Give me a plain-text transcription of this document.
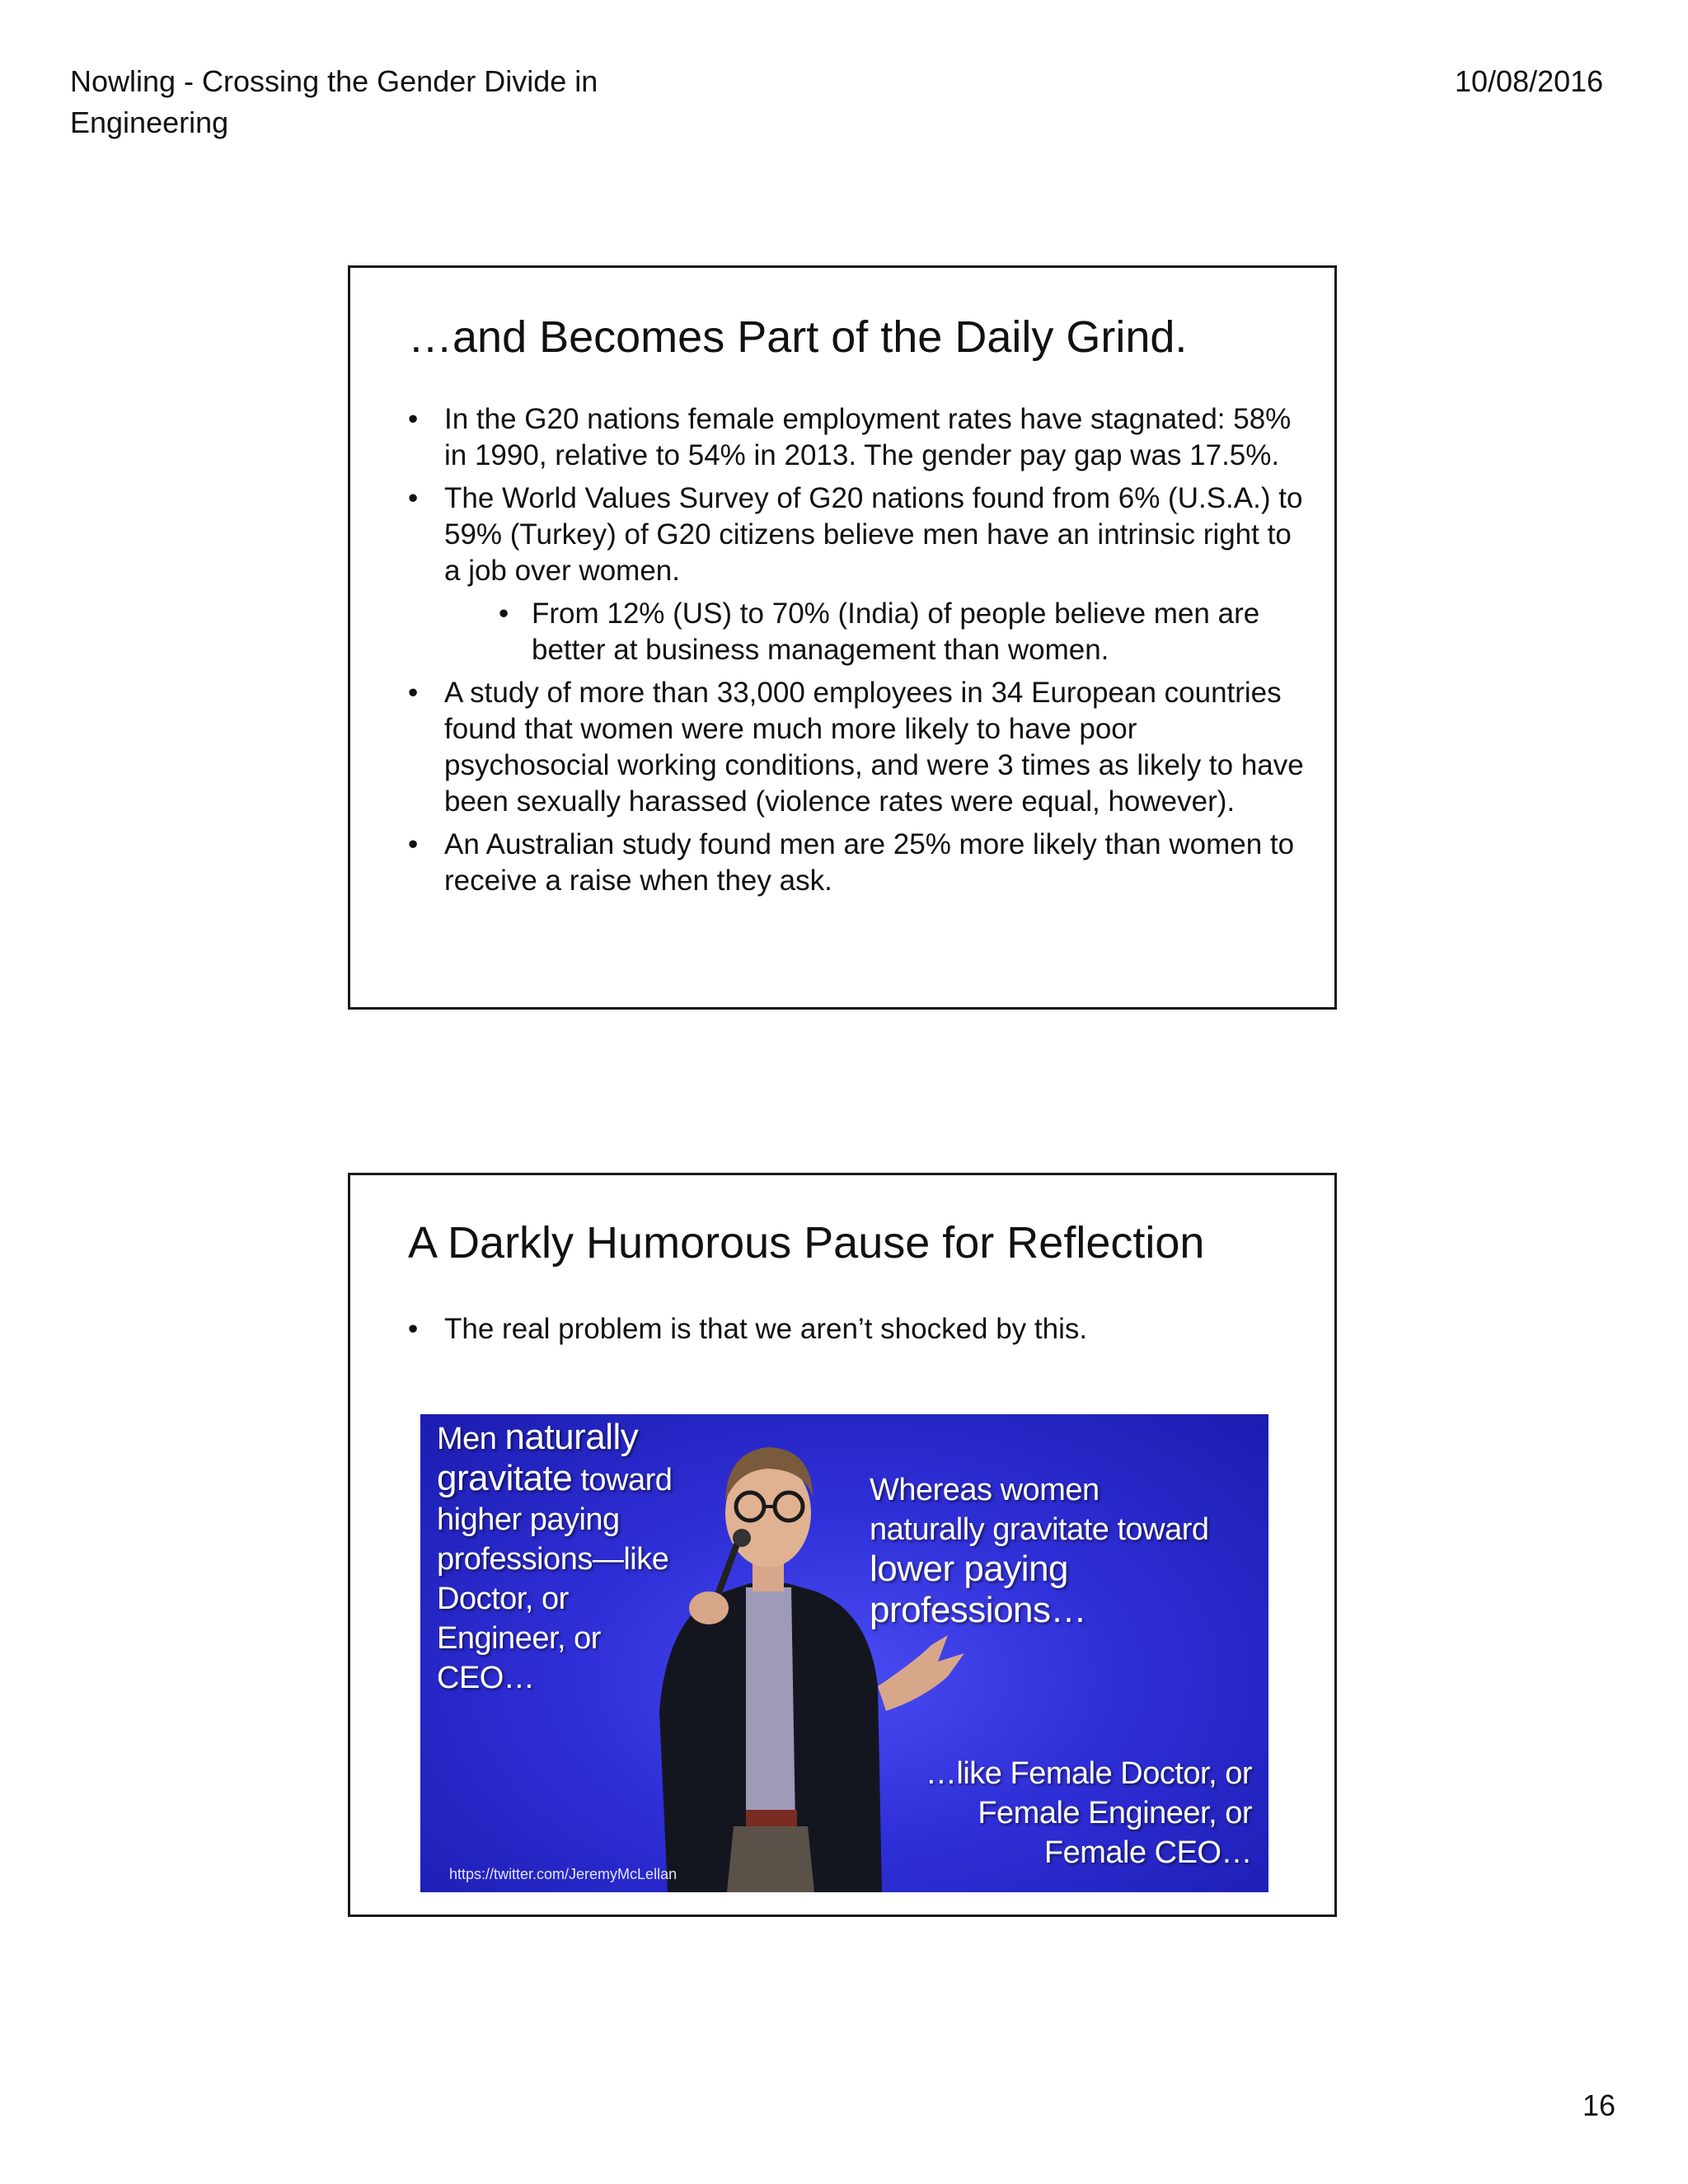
Nowling - Crossing the Gender Divide in Engineering
10/08/2016
…and Becomes Part of the Daily Grind.
• In the G20 nations female employment rates have stagnated: 58% in 1990, relative to 54% in 2013. The gender pay gap was 17.5%.
• The World Values Survey of G20 nations found from 6% (U.S.A.) to 59% (Turkey) of G20 citizens believe men have an intrinsic right to a job over women.
• From 12% (US) to 70% (India) of people believe men are better at business management than women.
• A study of more than 33,000 employees in 34 European countries found that women were much more likely to have poor psychosocial working conditions, and were 3 times as likely to have been sexually harassed (violence rates were equal, however).
• An Australian study found men are 25% more likely than women to receive a raise when they ask.
A Darkly Humorous Pause for Reflection
• The real problem is that we aren’t shocked by this.
Men naturally
gravitate toward higher paying professions—like Doctor, or Engineer, or CEO…
Whereas women naturally gravitate toward lower paying professions…
…like Female Doctor, or Female Engineer, or Female CEO…
https://twitter.com/JeremyMcLellan
16
